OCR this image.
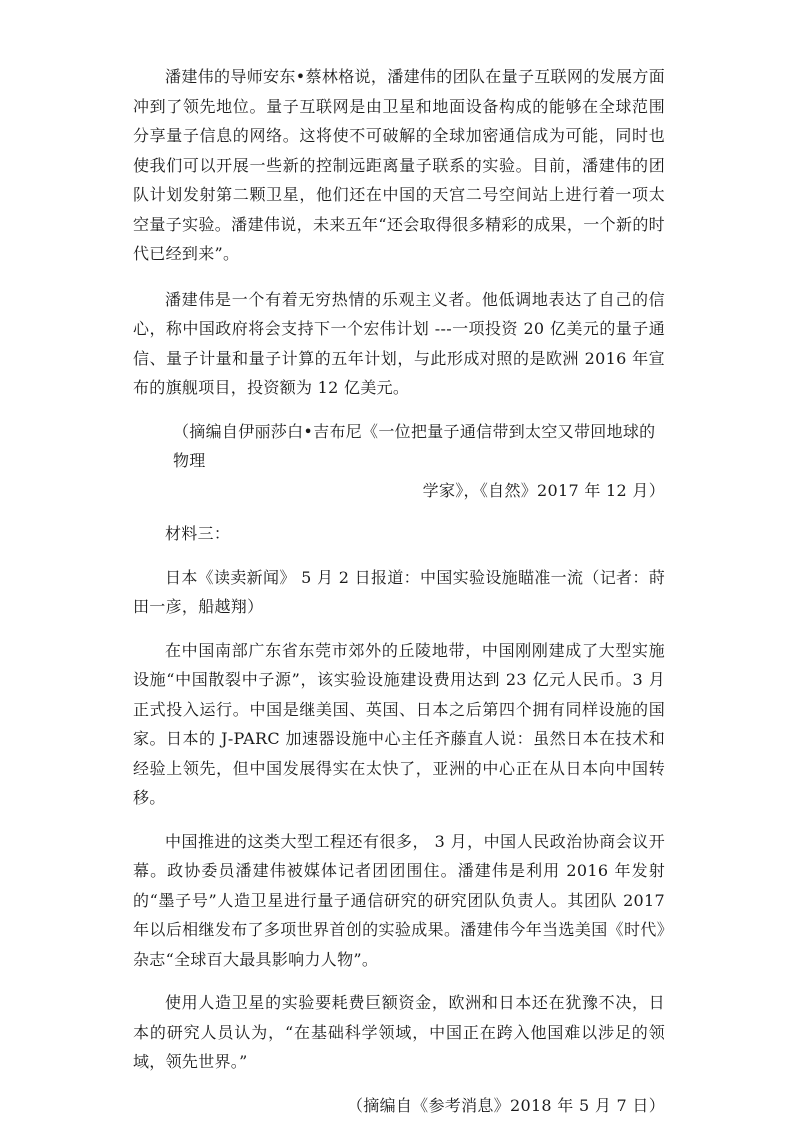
潘建伟的导师安东•蔡林格说，潘建伟的团队在量子互联网的发展方面冲到了领先地位。量子互联网是由卫星和地面设备构成的能够在全球范围分享量子信息的网络。这将使不可破解的全球加密通信成为可能，同时也使我们可以开展一些新的控制远距离量子联系的实验。目前，潘建伟的团队计划发射第二颗卫星，他们还在中国的天宫二号空间站上进行着一项太空量子实验。潘建伟说，未来五年“还会取得很多精彩的成果，一个新的时代已经到来”。

潘建伟是一个有着无穷热情的乐观主义者。他低调地表达了自己的信心，称中国政府将会支持下一个宏伟计划 ---一项投资 20 亿美元的量子通信、量子计量和量子计算的五年计划，与此形成对照的是欧洲 2016 年宣布的旗舰项目，投资额为 12 亿美元。

（摘编自伊丽莎白•吉布尼《一位把量子通信带到太空又带回地球的物理
学家》，《自然》2017 年 12 月）

材料三：

日本《读卖新闻》 5 月 2 日报道：中国实验设施瞄准一流（记者：莳田一彦，船越翔）

在中国南部广东省东莞市郊外的丘陵地带，中国刚刚建成了大型实施设施“中国散裂中子源”，该实验设施建设费用达到 23 亿元人民币。3 月正式投入运行。中国是继美国、英国、日本之后第四个拥有同样设施的国家。日本的 J-PARC 加速器设施中心主任齐藤直人说：虽然日本在技术和经验上领先，但中国发展得实在太快了，亚洲的中心正在从日本向中国转移。

中国推进的这类大型工程还有很多， 3 月，中国人民政治协商会议开幕。政协委员潘建伟被媒体记者团团围住。潘建伟是利用 2016 年发射的“墨子号”人造卫星进行量子通信研究的研究团队负责人。其团队 2017 年以后相继发布了多项世界首创的实验成果。潘建伟今年当选美国《时代》杂志“全球百大最具影响力人物”。

使用人造卫星的实验要耗费巨额资金，欧洲和日本还在犹豫不决，日本的研究人员认为，“在基础科学领域，中国正在跨入他国难以涉足的领域，领先世界。”

（摘编自《参考消息》2018 年 5 月 7 日）
